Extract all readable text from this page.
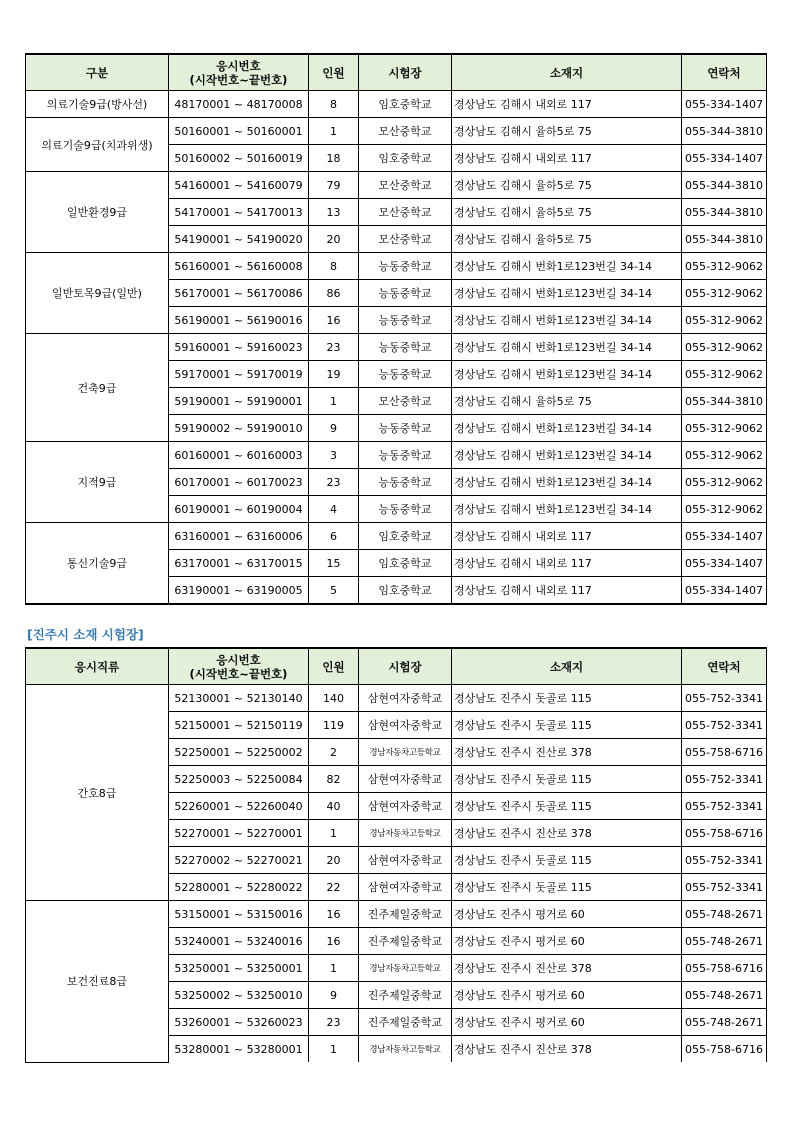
구분	응시번호
(시작번호~끝번호)	인원	시험장	소재지	연락처
의료기술9급(방사선)	48170001 ~ 48170008	8	임호중학교	경상남도 김해시 내외로 117	055-334-1407
의료기술9급(치과위생)	50160001 ~ 50160001	1	모산중학교	경상남도 김해시 율하5로 75	055-344-3810
	50160002 ~ 50160019	18	임호중학교	경상남도 김해시 내외로 117	055-334-1407
일반환경9급	54160001 ~ 54160079	79	모산중학교	경상남도 김해시 율하5로 75	055-344-3810
	54170001 ~ 54170013	13	모산중학교	경상남도 김해시 율하5로 75	055-344-3810
	54190001 ~ 54190020	20	모산중학교	경상남도 김해시 율하5로 75	055-344-3810
일반토목9급(일반)	56160001 ~ 56160008	8	능동중학교	경상남도 김해시 번화1로123번길 34-14	055-312-9062
	56170001 ~ 56170086	86	능동중학교	경상남도 김해시 번화1로123번길 34-14	055-312-9062
	56190001 ~ 56190016	16	능동중학교	경상남도 김해시 번화1로123번길 34-14	055-312-9062
건축9급	59160001 ~ 59160023	23	능동중학교	경상남도 김해시 번화1로123번길 34-14	055-312-9062
	59170001 ~ 59170019	19	능동중학교	경상남도 김해시 번화1로123번길 34-14	055-312-9062
	59190001 ~ 59190001	1	모산중학교	경상남도 김해시 율하5로 75	055-344-3810
	59190002 ~ 59190010	9	능동중학교	경상남도 김해시 번화1로123번길 34-14	055-312-9062
지적9급	60160001 ~ 60160003	3	능동중학교	경상남도 김해시 번화1로123번길 34-14	055-312-9062
	60170001 ~ 60170023	23	능동중학교	경상남도 김해시 번화1로123번길 34-14	055-312-9062
	60190001 ~ 60190004	4	능동중학교	경상남도 김해시 번화1로123번길 34-14	055-312-9062
통신기술9급	63160001 ~ 63160006	6	임호중학교	경상남도 김해시 내외로 117	055-334-1407
	63170001 ~ 63170015	15	임호중학교	경상남도 김해시 내외로 117	055-334-1407
	63190001 ~ 63190005	5	임호중학교	경상남도 김해시 내외로 117	055-334-1407
[진주시 소재 시험장]
응시직류	응시번호
(시작번호~끝번호)	인원	시험장	소재지	연락처
간호8급	52130001 ~ 52130140	140	삼현여자중학교	경상남도 진주시 돗골로 115	055-752-3341
	52150001 ~ 52150119	119	삼현여자중학교	경상남도 진주시 돗골로 115	055-752-3341
	52250001 ~ 52250002	2	경남자동차고등학교	경상남도 진주시 진산로 378	055-758-6716
	52250003 ~ 52250084	82	삼현여자중학교	경상남도 진주시 돗골로 115	055-752-3341
	52260001 ~ 52260040	40	삼현여자중학교	경상남도 진주시 돗골로 115	055-752-3341
	52270001 ~ 52270001	1	경남자동차고등학교	경상남도 진주시 진산로 378	055-758-6716
	52270002 ~ 52270021	20	삼현여자중학교	경상남도 진주시 돗골로 115	055-752-3341
	52280001 ~ 52280022	22	삼현여자중학교	경상남도 진주시 돗골로 115	055-752-3341
보건진료8급	53150001 ~ 53150016	16	진주제일중학교	경상남도 진주시 평거로 60	055-748-2671
	53240001 ~ 53240016	16	진주제일중학교	경상남도 진주시 평거로 60	055-748-2671
	53250001 ~ 53250001	1	경남자동차고등학교	경상남도 진주시 진산로 378	055-758-6716
	53250002 ~ 53250010	9	진주제일중학교	경상남도 진주시 평거로 60	055-748-2671
	53260001 ~ 53260023	23	진주제일중학교	경상남도 진주시 평거로 60	055-748-2671
	53280001 ~ 53280001	1	경남자동차고등학교	경상남도 진주시 진산로 378	055-758-6716
